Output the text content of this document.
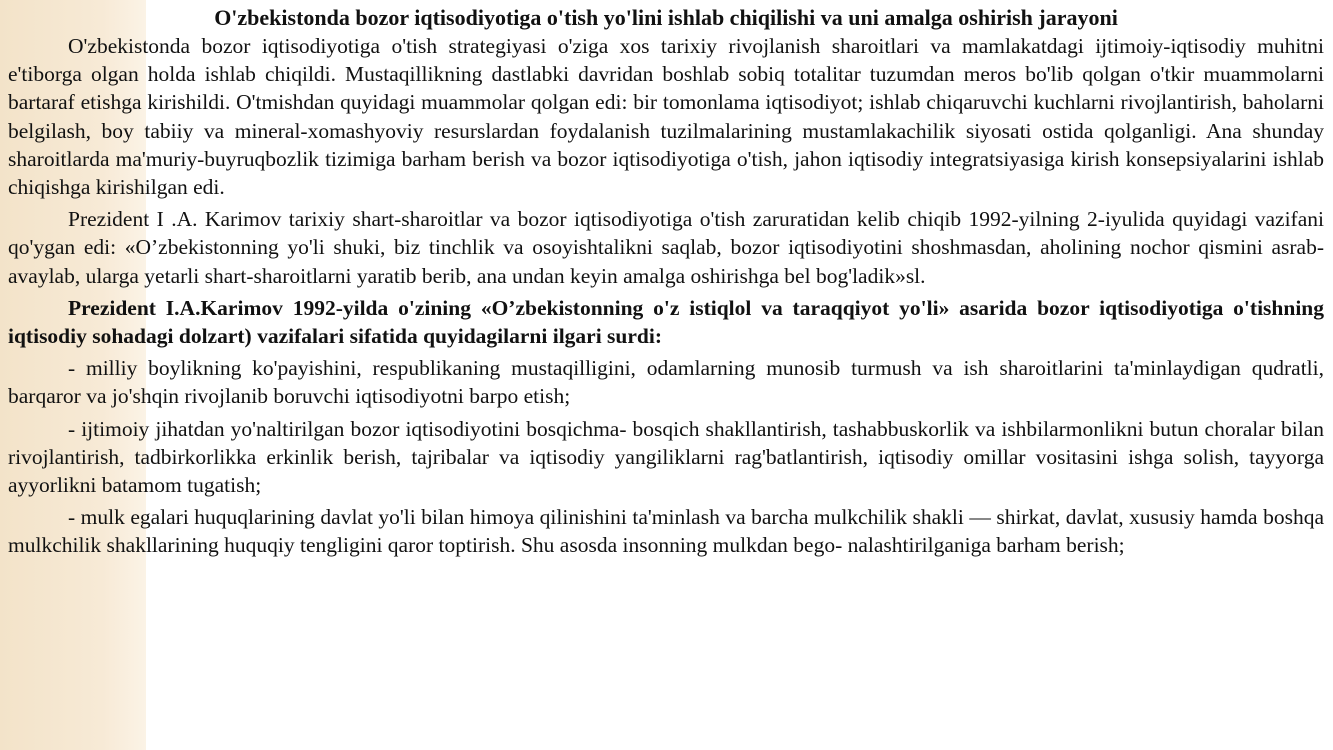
O'zbekistonda bozor iqtisodiyotiga o'tish yo'lini ishlab chiqilishi va uni amalga oshirish jarayoni

O'zbekistonda bozor iqtisodiyotiga o'tish strategiyasi o'ziga xos tarixiy rivojlanish sharoitlari va mamlakatdagi ijtimoiy-iqtisodiy muhitni e'tiborga olgan holda ishlab chiqildi. Mustaqillikning dastlabki davridan boshlab sobiq totalitar tuzumdan meros bo'lib qolgan o'tkir muammolarni bartaraf etishga kirishildi. O'tmishdan quyidagi muammolar qolgan edi: bir tomonlama iqtisodiyot; ishlab chiqaruvchi kuchlarni rivojlantirish, baholarni belgilash, boy tabiiy va mineral-xomashyoviy resurslardan foydalanish tuzilmalarining mustamlakachilik siyosati ostida qolganligi. Ana shunday sharoitlarda ma'muriy-buyruqbozlik tizimiga barham berish va bozor iqtisodiyotiga o'tish, jahon iqtisodiy integratsiyasiga kirish konsepsiyalarini ishlab chiqishga kirishilgan edi.

Prezident I .A. Karimov tarixiy shart-sharoitlar va bozor iqtisodiyotiga o'tish zaruratidan kelib chiqib 1992-yilning 2-iyulida quyidagi vazifani qo'ygan edi: «O’zbekistonning yo'li shuki, biz tinchlik va osoyishtalikni saqlab, bozor iqtisodiyotini shoshmasdan, aholining nochor qismini asrab-avaylab, ularga yetarli shart-sharoitlarni yaratib berib, ana undan keyin amalga oshirishga bel bog'ladik»sl.

Prezident I.A.Karimov 1992-yilda o'zining «O’zbekistonning o'z istiqlol va taraqqiyot yo'li» asarida bozor iqtisodiyotiga o'tishning iqtisodiy sohadagi dolzart) vazifalari sifatida quyidagilarni ilgari surdi:

- milliy boylikning ko'payishini, respublikaning mustaqilligini, odamlarning munosib turmush va ish sharoitlarini ta'minlaydigan qudratli, barqaror va jo'shqin rivojlanib boruvchi iqtisodiyotni barpo etish;

- ijtimoiy jihatdan yo'naltirilgan bozor iqtisodiyotini bosqichma- bosqich shakllantirish, tashabbuskorlik va ishbilarmonlikni butun choralar bilan rivojlantirish, tadbirkorlikka erkinlik berish, tajribalar va iqtisodiy yangiliklarni rag'batlantirish, iqtisodiy omillar vositasini ishga solish, tayyorga ayyorlikni batamom tugatish;

- mulk egalari huquqlarining davlat yo'li bilan himoya qilinishini ta'minlash va barcha mulkchilik shakli — shirkat, davlat, xususiy hamda boshqa mulkchilik shakllarining huquqiy tengligini qaror toptirish. Shu asosda insonning mulkdan bego- nalashtirilganiga barham berish;
